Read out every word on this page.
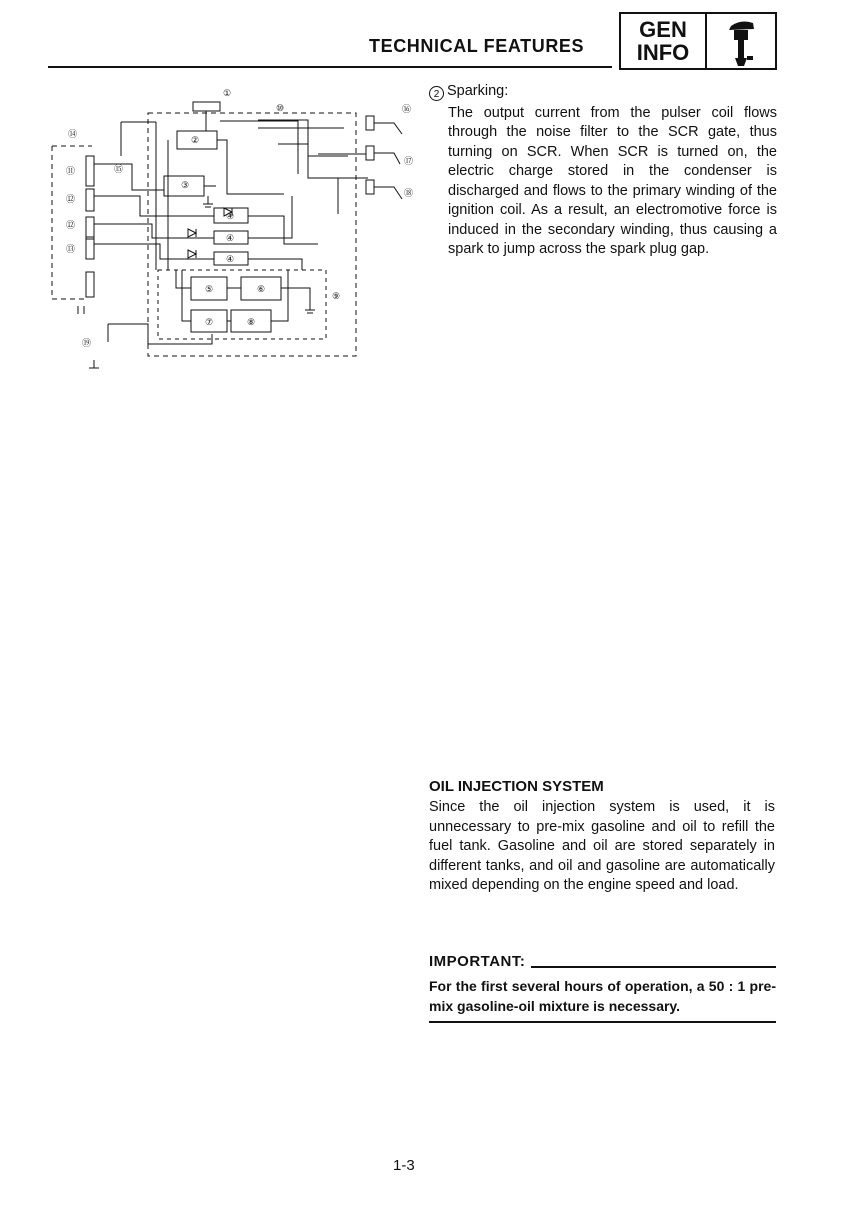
TECHNICAL FEATURES
GEN
INFO
①
②
③
④
④
④
⑤	⑥
⑦	⑧
⑨
⑩
⑪
⑫
⑫
⑬
⑭
⑮
⑯
⑰
⑱
⑲
2 Sparking:

The output current from the pulser coil flows through the noise filter to the SCR gate, thus turning on SCR. When SCR is turned on, the electric charge stored in the condenser is discharged and flows to the primary winding of the ignition coil. As a result, an electromotive force is induced in the secondary winding, thus causing a spark to jump across the spark plug gap.

OIL INJECTION SYSTEM

Since the oil injection system is used, it is unnecessary to pre-mix gasoline and oil to refill the fuel tank. Gasoline and oil are stored separately in different tanks, and oil and gasoline are automatically mixed depending on the engine speed and load.

IMPORTANT:

For the first several hours of operation, a 50 : 1 pre-mix gasoline-oil mixture is necessary.

1-3
